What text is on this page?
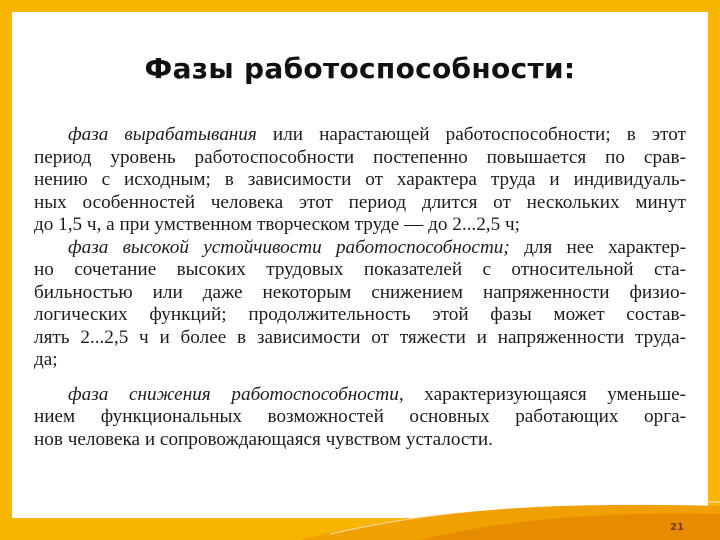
Фазы работоспособности:
фаза вырабатывания или нарастающей работоспособности; в этот
период уровень работоспособности постепенно повышается по срав-
нению с исходным; в зависимости от характера труда и индивидуаль-
ных особенностей человека этот период длится от нескольких минут
до 1,5 ч, а при умственном творческом труде — до 2...2,5 ч;
фаза высокой устойчивости работоспособности; для нее характер-
но сочетание высоких трудовых показателей с относительной ста-
бильностью или даже некоторым снижением напряженности физио-
логических функций; продолжительность этой фазы может состав-
лять 2...2,5 ч и более в зависимости от тяжести и напряженности труда-
да;
фаза снижения работоспособности, характеризующаяся уменьше-
нием функциональных возможностей основных работающих орга-
нов человека и сопровождающаяся чувством усталости.
21
